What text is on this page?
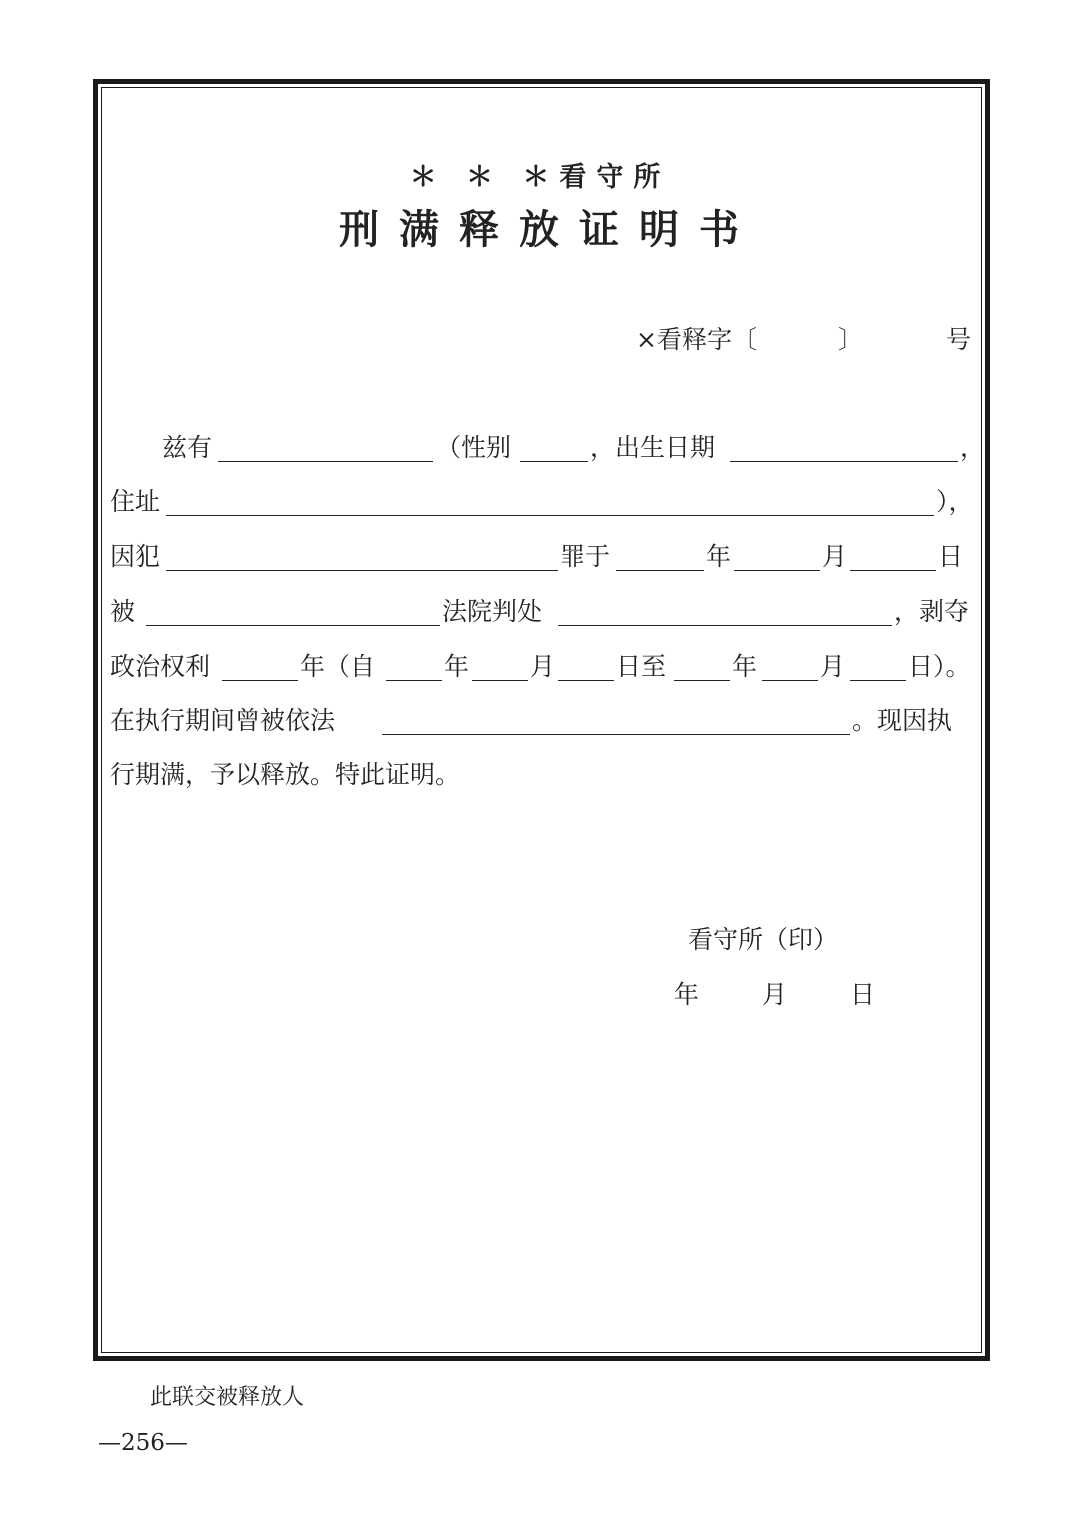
＊ ＊ ＊看守所
刑满释放证明书
×看释字〔	〕	号
兹有	（性别	，出生日期	，
住址	），
因犯	罪于	年	月	日
被	法院判处	，剥夺
政治权利	年（自	年 月 日至	年	月	日）。
在执行期间曾被依法	。现因执
行期满，予以释放。特此证明。
看守所（印）
年	月	日
此联交被释放人
—256—
